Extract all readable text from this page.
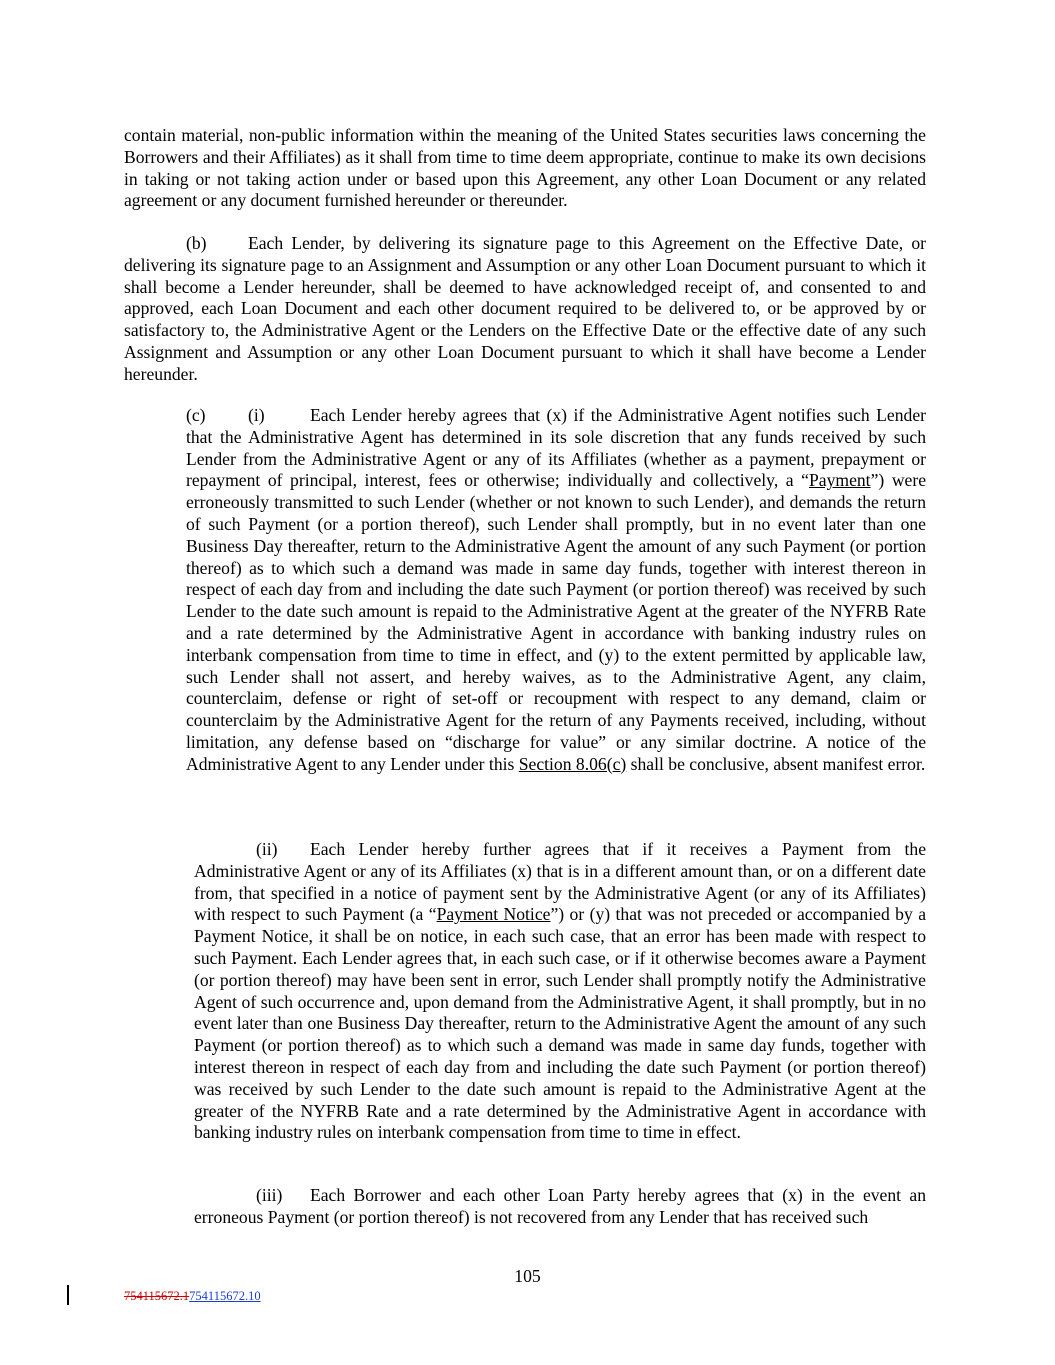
contain material, non-public information within the meaning of the United States securities laws concerning the Borrowers and their Affiliates) as it shall from time to time deem appropriate, continue to make its own decisions in taking or not taking action under or based upon this Agreement, any other Loan Document or any related agreement or any document furnished hereunder or thereunder.

(b) Each Lender, by delivering its signature page to this Agreement on the Effective Date, or delivering its signature page to an Assignment and Assumption or any other Loan Document pursuant to which it shall become a Lender hereunder, shall be deemed to have acknowledged receipt of, and consented to and approved, each Loan Document and each other document required to be delivered to, or be approved by or satisfactory to, the Administrative Agent or the Lenders on the Effective Date or the effective date of any such Assignment and Assumption or any other Loan Document pursuant to which it shall have become a Lender hereunder.

(c) (i)	Each Lender hereby agrees that (x) if the Administrative Agent notifies such Lender that the Administrative Agent has determined in its sole discretion that any funds received by such Lender from the Administrative Agent or any of its Affiliates (whether as a payment, prepayment or repayment of principal, interest, fees or otherwise; individually and collectively, a “Payment”) were erroneously transmitted to such Lender (whether or not known to such Lender), and demands the return of such Payment (or a portion thereof), such Lender shall promptly, but in no event later than one Business Day thereafter, return to the Administrative Agent the amount of any such Payment (or portion thereof) as to which such a demand was made in same day funds, together with interest thereon in respect of each day from and including the date such Payment (or portion thereof) was received by such Lender to the date such amount is repaid to the Administrative Agent at the greater of the NYFRB Rate and a rate determined by the Administrative Agent in accordance with banking industry rules on interbank compensation from time to time in effect, and (y) to the extent permitted by applicable law, such Lender shall not assert, and hereby waives, as to the Administrative Agent, any claim, counterclaim, defense or right of set-off or recoupment with respect to any demand, claim or counterclaim by the Administrative Agent for the return of any Payments received, including, without limitation, any defense based on “discharge for value” or any similar doctrine. A notice of the Administrative Agent to any Lender under this Section 8.06(c) shall be conclusive, absent manifest error.

(ii) Each Lender hereby further agrees that if it receives a Payment from the Administrative Agent or any of its Affiliates (x) that is in a different amount than, or on a different date from, that specified in a notice of payment sent by the Administrative Agent (or any of its Affiliates) with respect to such Payment (a “Payment Notice”) or (y) that was not preceded or accompanied by a Payment Notice, it shall be on notice, in each such case, that an error has been made with respect to such Payment. Each Lender agrees that, in each such case, or if it otherwise becomes aware a Payment (or portion thereof) may have been sent in error, such Lender shall promptly notify the Administrative Agent of such occurrence and, upon demand from the Administrative Agent, it shall promptly, but in no event later than one Business Day thereafter, return to the Administrative Agent the amount of any such Payment (or portion thereof) as to which such a demand was made in same day funds, together with interest thereon in respect of each day from and including the date such Payment (or portion thereof) was received by such Lender to the date such amount is repaid to the Administrative Agent at the greater of the NYFRB Rate and a rate determined by the Administrative Agent in accordance with banking industry rules on interbank compensation from time to time in effect.

(iii) Each Borrower and each other Loan Party hereby agrees that (x) in the event an erroneous Payment (or portion thereof) is not recovered from any Lender that has received such

105
754115672.1754115672.10
